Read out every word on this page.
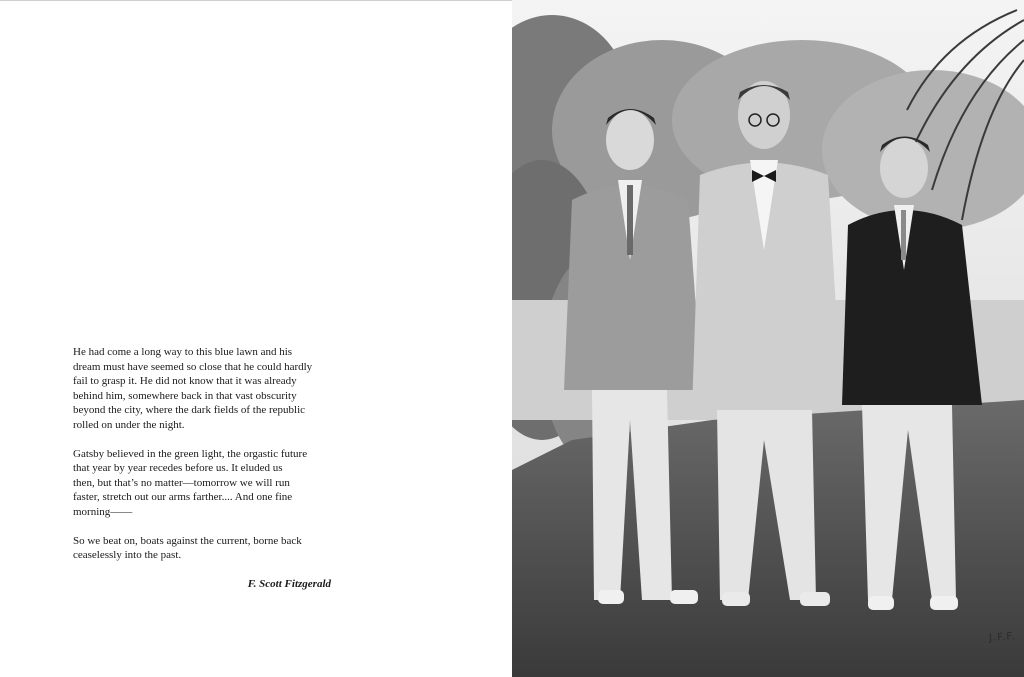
He had come a long way to this blue lawn and his
dream must have seemed so close that he could hardly
fail to grasp it. He did not know that it was already
behind him, somewhere back in that vast obscurity
beyond the city, where the dark fields of the republic
rolled on under the night.

Gatsby believed in the green light, the orgastic future
that year by year recedes before us. It eluded us
then, but that’s no matter—tomorrow we will run
faster, stretch out our arms farther.... And one fine
morning——

So we beat on, boats against the current, borne back
ceaselessly into the past.

F. Scott Fitzgerald
J.F.F.
